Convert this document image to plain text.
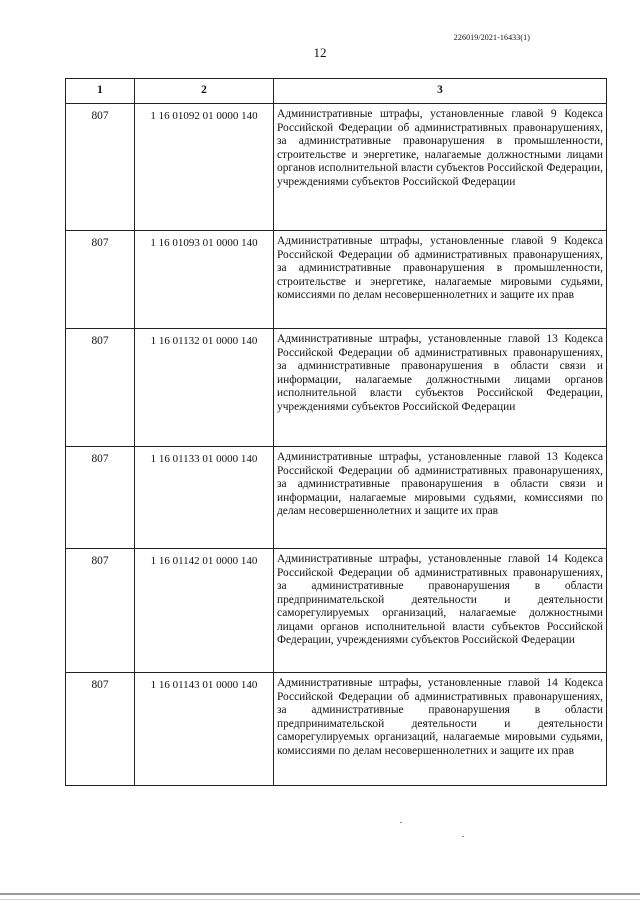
226019/2021-16433(1)
12
1	2	3
807	1 16 01092 01 0000 140	Административные штрафы, установленные главой 9 Кодекса Российской Федерации об административных правонарушениях, за административные правонарушения в промышленности, строительстве и энергетике, налагаемые должностными лицами органов исполнительной власти субъектов Российской Федерации, учреждениями субъектов Российской Федерации
807	1 16 01093 01 0000 140	Административные штрафы, установленные главой 9 Кодекса Российской Федерации об административных правонарушениях, за административные правонарушения в промышленности, строительстве и энергетике, налагаемые мировыми судьями, комиссиями по делам несовершеннолетних и защите их прав
807	1 16 01132 01 0000 140	Административные штрафы, установленные главой 13 Кодекса Российской Федерации об административных правонарушениях, за административные правонарушения в области связи и информации, налагаемые должностными лицами органов исполнительной власти субъектов Российской Федерации, учреждениями субъектов Российской Федерации
807	1 16 01133 01 0000 140	Административные штрафы, установленные главой 13 Кодекса Российской Федерации об административных правонарушениях, за административные правонарушения в области связи и информации, налагаемые мировыми судьями, комиссиями по делам несовершеннолетних и защите их прав
807	1 16 01142 01 0000 140	Административные штрафы, установленные главой 14 Кодекса Российской Федерации об административных правонарушениях, за административные правонарушения в области предпринимательской деятельности и деятельности саморегулируемых организаций, налагаемые должностными лицами органов исполнительной власти субъектов Российской Федерации, учреждениями субъектов Российской Федерации
807	1 16 01143 01 0000 140	Административные штрафы, установленные главой 14 Кодекса Российской Федерации об административных правонарушениях, за административные правонарушения в области предпринимательской деятельности и деятельности саморегулируемых организаций, налагаемые мировыми судьями, комиссиями по делам несовершеннолетних и защите их прав
